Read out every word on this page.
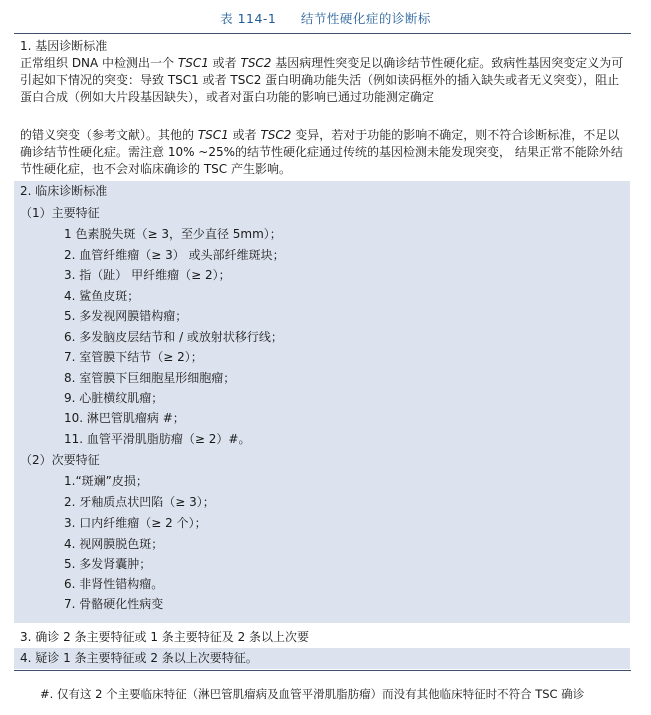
表 114-1 结节性硬化症的诊断标
1. 基因诊断标准
正常组织 DNA 中检测出一个 TSC1 或者 TSC2 基因病理性突变足以确诊结节性硬化症。致病性基因突变定义为可引起如下情况的突变：导致 TSC1 或者 TSC2 蛋白明确功能失活（例如读码框外的插入缺失或者无义突变），阻止蛋白合成（例如大片段基因缺失），或者对蛋白功能的影响已通过功能测定确定
的错义突变（参考文献）。其他的 TSC1 或者 TSC2 变异，若对于功能的影响不确定，则不符合诊断标准，不足以确诊结节性硬化症。需注意 10% ~25%的结节性硬化症通过传统的基因检测未能发现突变， 结果正常不能除外结节性硬化症，也不会对临床确诊的 TSC 产生影响。
2. 临床诊断标准
（1）主要特征
1 色素脱失斑（≥ 3，至少直径 5mm）；
2. 血管纤维瘤（≥ 3） 或头部纤维斑块；
3. 指（趾） 甲纤维瘤（≥ 2）；
4. 鲨鱼皮斑；
5. 多发视网膜错构瘤；
6. 多发脑皮层结节和 / 或放射状移行线；
7. 室管膜下结节（≥ 2）；
8. 室管膜下巨细胞星形细胞瘤；
9. 心脏横纹肌瘤；
10. 淋巴管肌瘤病 #；
11. 血管平滑肌脂肪瘤（≥ 2）#。
（2）次要特征
1.“斑斓”皮损；
2. 牙釉质点状凹陷（≥ 3）；
3. 口内纤维瘤（≥ 2 个）；
4. 视网膜脱色斑；
5. 多发肾囊肿；
6. 非肾性错构瘤。
7. 骨骼硬化性病变
3. 确诊 2 条主要特征或 1 条主要特征及 2 条以上次要
4. 疑诊 1 条主要特征或 2 条以上次要特征。
#. 仅有这 2 个主要临床特征（淋巴管肌瘤病及血管平滑肌脂肪瘤）而没有其他临床特征时不符合 TSC 确诊
